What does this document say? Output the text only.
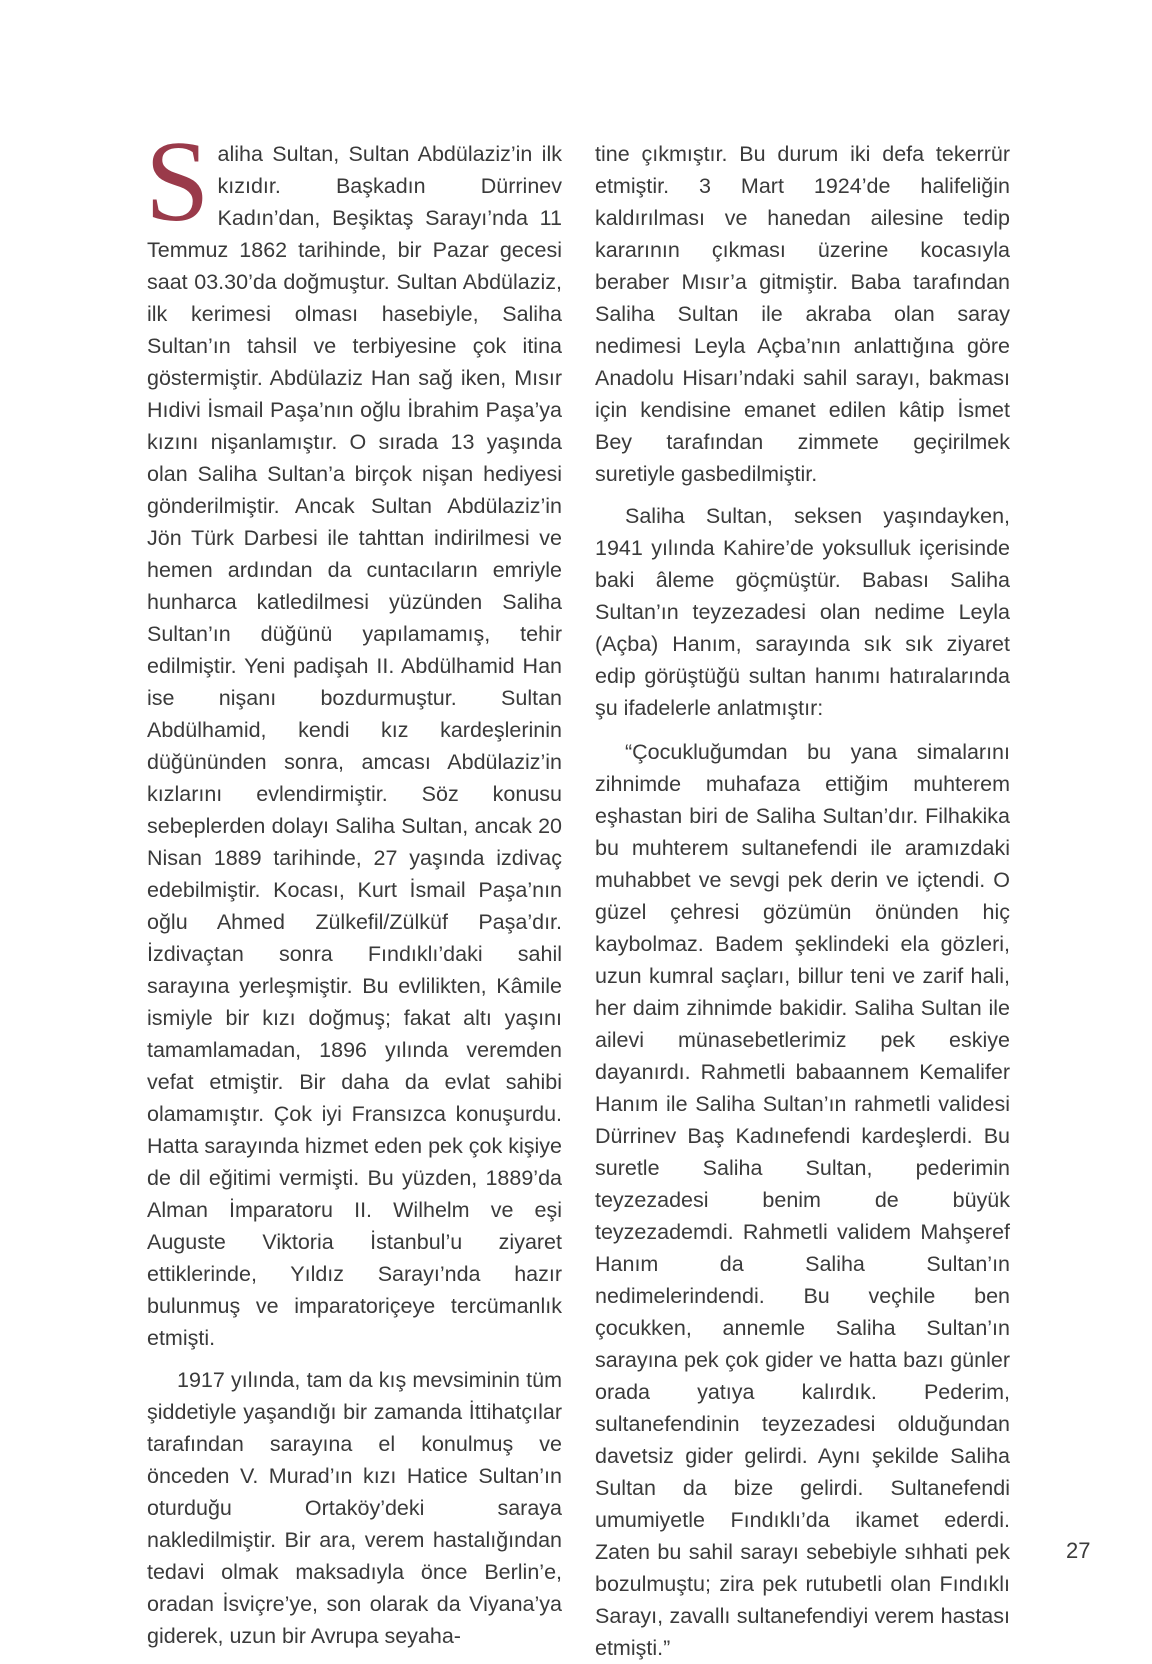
Saliha Sultan, Sultan Abdülaziz’in ilk kızıdır. Başkadın Dürrinev Kadın’dan, Beşiktaş Sarayı’nda 11 Temmuz 1862 tarihinde, bir Pazar gecesi saat 03.30’da doğmuştur. Sultan Abdülaziz, ilk kerimesi olması hasebiyle, Saliha Sultan’ın tahsil ve terbiyesine çok itina göstermiştir. Abdülaziz Han sağ iken, Mısır Hıdivi İsmail Paşa’nın oğlu İbrahim Paşa’ya kızını nişanlamıştır. O sırada 13 yaşında olan Saliha Sultan’a birçok nişan hediyesi gönderilmiştir. Ancak Sultan Abdülaziz’in Jön Türk Darbesi ile tahttan indirilmesi ve hemen ardından da cuntacıların emriyle hunharca katledilmesi yüzünden Saliha Sultan’ın düğünü yapılamamış, tehir edilmiştir. Yeni padişah II. Abdülhamid Han ise nişanı bozdurmuştur. Sultan Abdülhamid, kendi kız kardeşlerinin düğününden sonra, amcası Abdülaziz’in kızlarını evlendirmiştir. Söz konusu sebeplerden dolayı Saliha Sultan, ancak 20 Nisan 1889 tarihinde, 27 yaşında izdivaç edebilmiştir. Kocası, Kurt İsmail Paşa’nın oğlu Ahmed Zülkefil/Zülküf Paşa’dır. İzdivaçtan sonra Fındıklı’daki sahil sarayına yerleşmiştir. Bu evlilikten, Kâmile ismiyle bir kızı doğmuş; fakat altı yaşını tamamlamadan, 1896 yılında veremden vefat etmiştir. Bir daha da evlat sahibi olamamıştır. Çok iyi Fransızca konuşurdu. Hatta sarayında hizmet eden pek çok kişiye de dil eğitimi vermişti. Bu yüzden, 1889’da Alman İmparatoru II. Wilhelm ve eşi Auguste Viktoria İstanbul’u ziyaret ettiklerinde, Yıldız Sarayı’nda hazır bulunmuş ve imparatoriçeye tercümanlık etmişti.

1917 yılında, tam da kış mevsiminin tüm şiddetiyle yaşandığı bir zamanda İttihatçılar tarafından sarayına el konulmuş ve önceden V. Murad’ın kızı Hatice Sultan’ın oturduğu Ortaköy’deki saraya nakledilmiştir. Bir ara, verem hastalığından tedavi olmak maksadıyla önce Berlin’e, oradan İsviçre’ye, son olarak da Viyana’ya giderek, uzun bir Avrupa seyaha-

tine çıkmıştır. Bu durum iki defa tekerrür etmiştir. 3 Mart 1924’de halifeliğin kaldırılması ve hanedan ailesine tedip kararının çıkması üzerine kocasıyla beraber Mısır’a gitmiştir. Baba tarafından Saliha Sultan ile akraba olan saray nedimesi Leyla Açba’nın anlattığına göre Anadolu Hisarı’ndaki sahil sarayı, bakması için kendisine emanet edilen kâtip İsmet Bey tarafından zimmete geçirilmek suretiyle gasbedilmiştir.

Saliha Sultan, seksen yaşındayken, 1941 yılında Kahire’de yoksulluk içerisinde baki âleme göçmüştür. Babası Saliha Sultan’ın teyzezadesi olan nedime Leyla (Açba) Hanım, sarayında sık sık ziyaret edip görüştüğü sultan hanımı hatıralarında şu ifadelerle anlatmıştır:

“Çocukluğumdan bu yana simalarını zihnimde muhafaza ettiğim muhterem eşhastan biri de Saliha Sultan’dır. Filhakika bu muhterem sultanefendi ile aramızdaki muhabbet ve sevgi pek derin ve içtendi. O güzel çehresi gözümün önünden hiç kaybolmaz. Badem şeklindeki ela gözleri, uzun kumral saçları, billur teni ve zarif hali, her daim zihnimde bakidir. Saliha Sultan ile ailevi münasebetlerimiz pek eskiye dayanırdı. Rahmetli babaannem Kemalifer Hanım ile Saliha Sultan’ın rahmetli validesi Dürrinev Baş Kadınefendi kardeşlerdi. Bu suretle Saliha Sultan, pederimin teyzezadesi benim de büyük teyzezademdi. Rahmetli validem Mahşeref Hanım da Saliha Sultan’ın nedimelerindendi. Bu veçhile ben çocukken, annemle Saliha Sultan’ın sarayına pek çok gider ve hatta bazı günler orada yatıya kalırdık. Pederim, sultanefendinin teyzezadesi olduğundan davetsiz gider gelirdi. Aynı şekilde Saliha Sultan da bize gelirdi. Sultanefendi umumiyetle Fındıklı’da ikamet ederdi. Zaten bu sahil sarayı sebebiyle sıhhati pek bozulmuştu; zira pek rutubetli olan Fındıklı Sarayı, zavallı sultanefendiyi verem hastası etmişti.”

27
